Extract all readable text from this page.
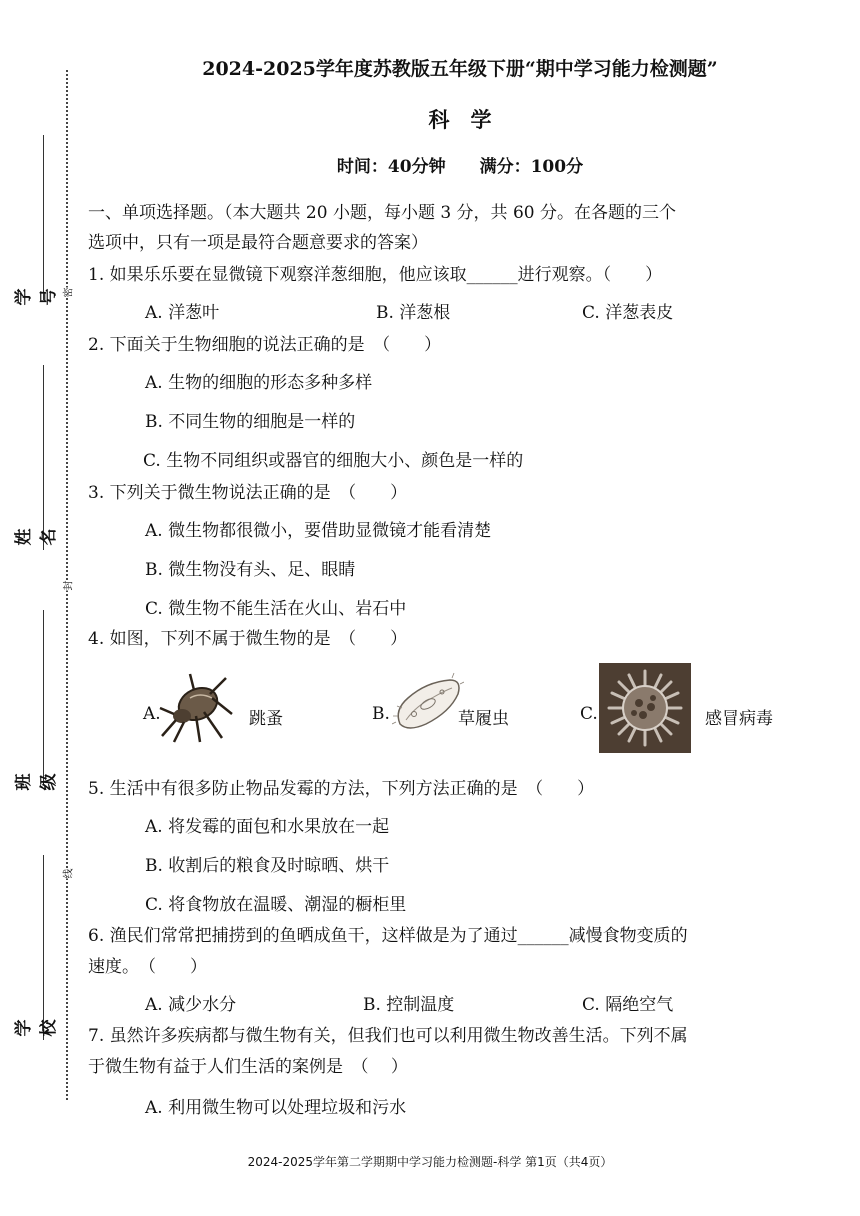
学号
姓名
班级
学校
密
封
线
2024-2025学年度苏教版五年级下册“期中学习能力检测题”
科　学
时间：40分钟　　满分：100分
一、单项选择题。（本大题共 20 小题，每小题 3 分，共 60 分。在各题的三个
选项中，只有一项是最符合题意要求的答案）
1. 如果乐乐要在显微镜下观察洋葱细胞，他应该取______进行观察。（　　）
A. 洋葱叶	B. 洋葱根	C. 洋葱表皮
2. 下面关于生物细胞的说法正确的是　（　　）
A. 生物的细胞的形态多种多样
B. 不同生物的细胞是一样的
C. 生物不同组织或器官的细胞大小、颜色是一样的
3. 下列关于微生物说法正确的是　（　　）
A. 微生物都很微小，要借助显微镜才能看清楚
B. 微生物没有头、足、眼睛
C. 微生物不能生活在火山、岩石中
4. 如图，下列不属于微生物的是　（　　）
A.	跳蚤	B.	草履虫	C.	感冒病毒
5. 生活中有很多防止物品发霉的方法，下列方法正确的是　（　　）
A. 将发霉的面包和水果放在一起
B. 收割后的粮食及时晾晒、烘干
C. 将食物放在温暖、潮湿的橱柜里
6. 渔民们常常把捕捞到的鱼晒成鱼干，这样做是为了通过______减慢食物变质的
速度。　（　　）
A. 减少水分	B. 控制温度	C. 隔绝空气
7. 虽然许多疾病都与微生物有关，但我们也可以利用微生物改善生活。下列不属
于微生物有益于人们生活的案例是　（　 ）
A. 利用微生物可以处理垃圾和污水
2024-2025学年第二学期期中学习能力检测题-科学 第1页（共4页）
